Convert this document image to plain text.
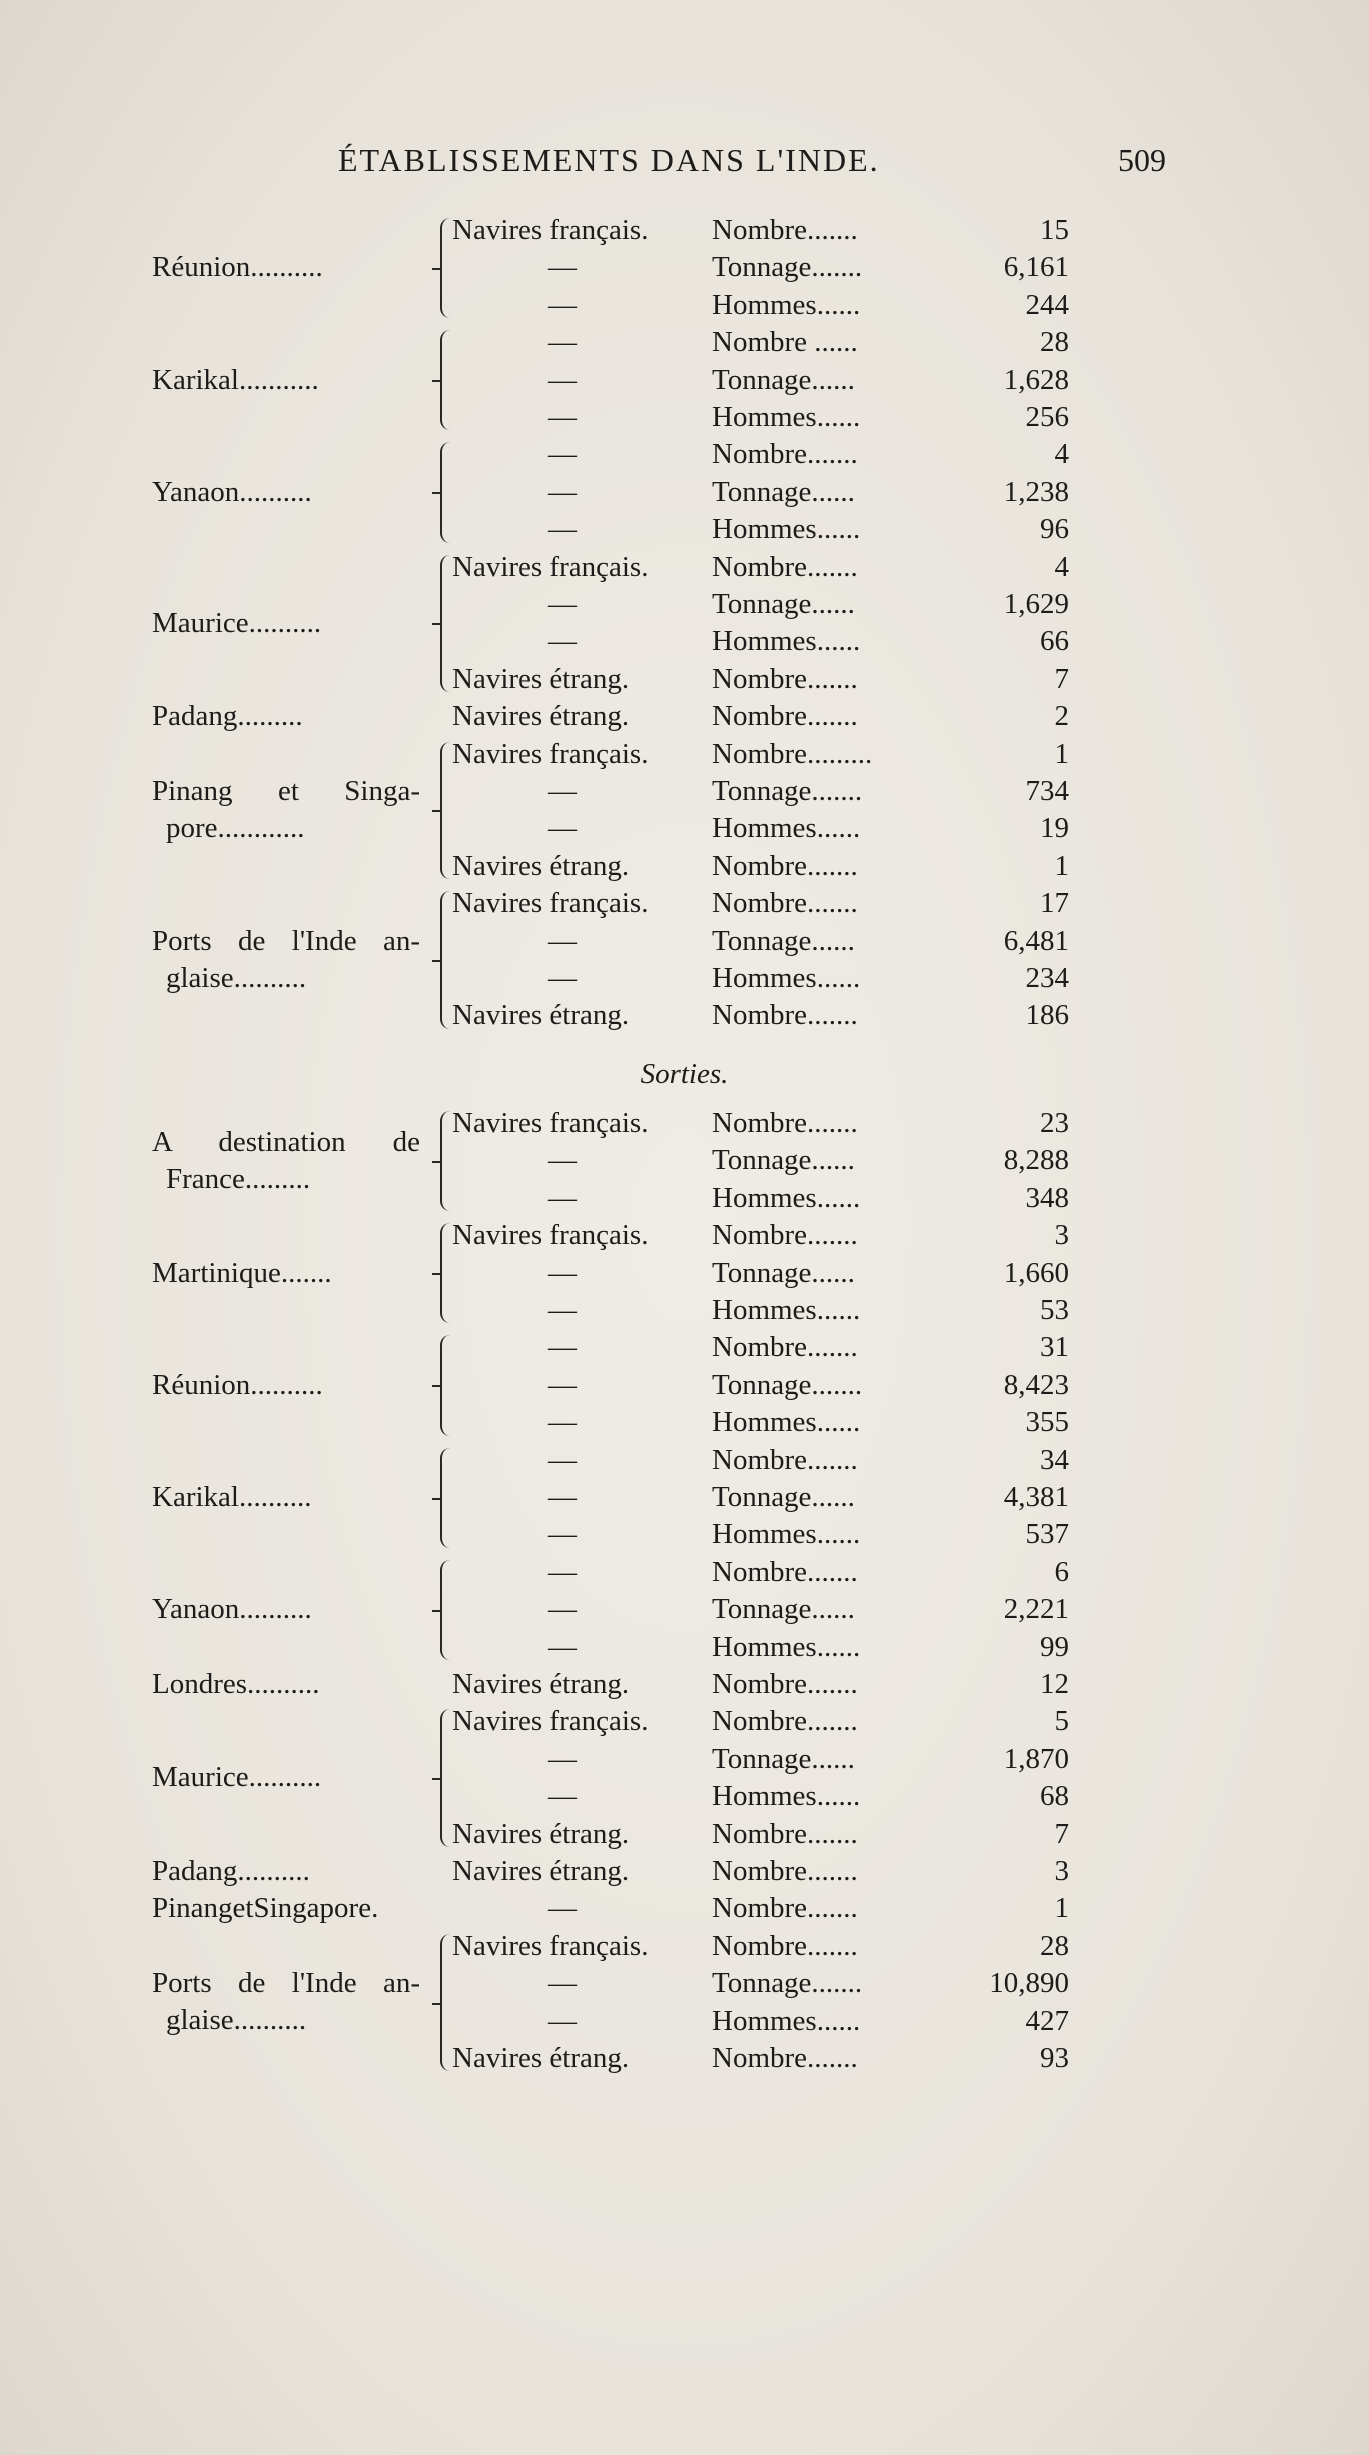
ÉTABLISSEMENTS DANS L'INDE.	509
Réunion..........
Navires français. Nombre.......	15
—	Tonnage.......	6,161
—	Hommes......	244
Karikal...........
—	Nombre ......	28
—	Tonnage......	1,628
—	Hommes......	256
Yanaon..........
—	Nombre.......	4
—	Tonnage......	1,238
—	Hommes......	96
Maurice..........
Navires français. Nombre.......	4
—	Tonnage......	1,629
—	Hommes......	66
Navires étrang.	Nombre.......	7
Padang.........	Navires étrang.	Nombre.......	2
Pinang et Singa-
pore............
Navires français. Nombre.........	1
—	Tonnage.......	734
—	Hommes......	19
Navires étrang.	Nombre.......	1
Ports de l'Inde an-
glaise..........
Navires français. Nombre.......	17
—	Tonnage......	6,481
—	Hommes......	234
Navires étrang.	Nombre.......	186
Sorties.
A destination de
France.........
Navires français. Nombre.......	23
—	Tonnage......	8,288
—	Hommes......	348
Martinique.......
Navires français. Nombre.......	3
—	Tonnage......	1,660
—	Hommes......	53
Réunion..........
—	Nombre.......	31
—	Tonnage.......	8,423
—	Hommes......	355
Karikal..........
—	Nombre.......	34
—	Tonnage......	4,381
—	Hommes......	537
Yanaon..........
—	Nombre.......	6
—	Tonnage......	2,221
—	Hommes......	99
Londres..........	Navires étrang.	Nombre.......	12
Maurice..........
Navires français. Nombre.......	5
—	Tonnage......	1,870
—	Hommes......	68
Navires étrang.	Nombre.......	7
Padang..........	Navires étrang.	Nombre.......	3
PinangetSingapore.	—	Nombre.......	1
Ports de l'Inde an-
glaise..........
Navires français. Nombre.......	28
—	Tonnage.......	10,890
—	Hommes......	427
Navires étrang.	Nombre.......	93
